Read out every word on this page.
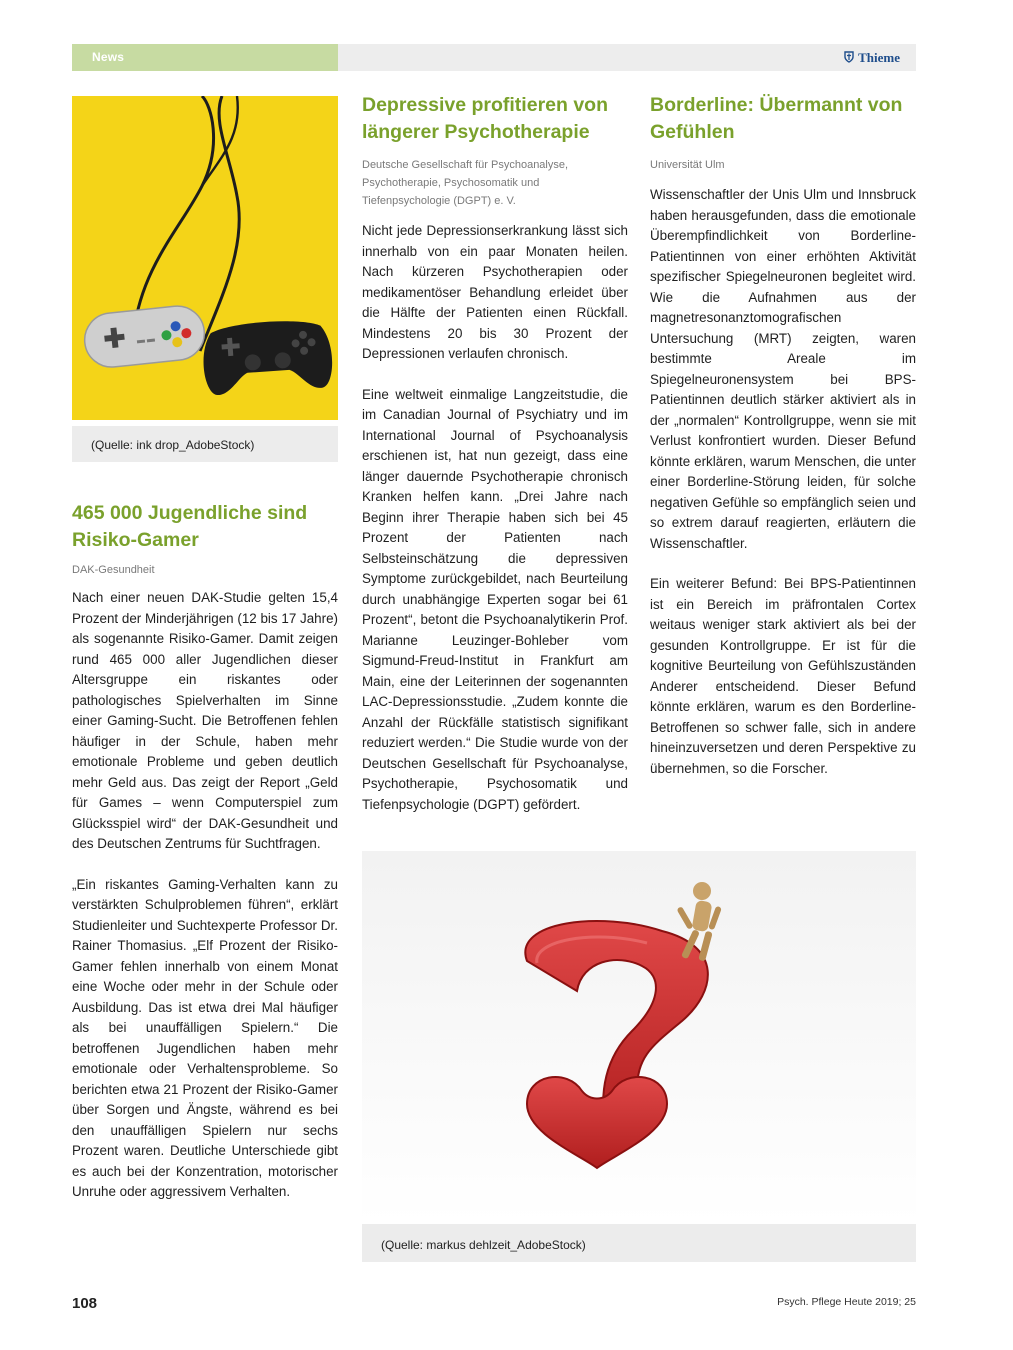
News	Thieme
(Quelle: ink drop_AdobeStock)
465 000 Jugendliche sind Risiko-Gamer
DAK-Gesundheit

Nach einer neuen DAK-Studie gelten 15,4 Prozent der Minderjährigen (12 bis 17 Jahre) als sogenannte Risiko-Gamer. Damit zeigen rund 465 000 aller Jugendlichen dieser Altersgruppe ein riskantes oder pathologisches Spielverhalten im Sinne einer Gaming-Sucht. Die Betroffenen fehlen häufiger in der Schule, haben mehr emotionale Probleme und geben deutlich mehr Geld aus. Das zeigt der Report „Geld für Games – wenn Computerspiel zum Glücksspiel wird“ der DAK-Gesundheit und des Deutschen Zentrums für Suchtfragen.

„Ein riskantes Gaming-Verhalten kann zu verstärkten Schulproblemen führen“, erklärt Studienleiter und Suchtexperte Professor Dr. Rainer Thomasius. „Elf Prozent der Risiko-Gamer fehlen innerhalb von einem Monat eine Woche oder mehr in der Schule oder Ausbildung. Das ist etwa drei Mal häufiger als bei unauffälligen Spielern.“ Die betroffenen Jugendlichen haben mehr emotionale oder Verhaltensprobleme. So berichten etwa 21 Prozent der Risiko-Gamer über Sorgen und Ängste, während es bei den unauffälligen Spielern nur sechs Prozent waren. Deutliche Unterschiede gibt es auch bei der Konzentration, motorischer Unruhe oder aggressivem Verhalten.

Depressive profitieren von längerer Psychotherapie
Deutsche Gesellschaft für Psychoanalyse, Psychotherapie, Psychosomatik und Tiefenpsychologie (DGPT) e. V.

Nicht jede Depressionserkrankung lässt sich innerhalb von ein paar Monaten heilen. Nach kürzeren Psychotherapien oder medikamentöser Behandlung erleidet über die Hälfte der Patienten einen Rückfall. Mindestens 20 bis 30 Prozent der Depressionen verlaufen chronisch.

Eine weltweit einmalige Langzeitstudie, die im Canadian Journal of Psychiatry und im International Journal of Psychoanalysis erschienen ist, hat nun gezeigt, dass eine länger dauernde Psychotherapie chronisch Kranken helfen kann. „Drei Jahre nach Beginn ihrer Therapie haben sich bei 45 Prozent der Patienten nach Selbsteinschätzung die depressiven Symptome zurückgebildet, nach Beurteilung durch unabhängige Experten sogar bei 61 Prozent“, betont die Psychoanalytikerin Prof. Marianne Leuzinger-Bohleber vom Sigmund-Freud-Institut in Frankfurt am Main, eine der Leiterinnen der sogenannten LAC-Depressionsstudie. „Zudem konnte die Anzahl der Rückfälle statistisch signifikant reduziert werden.“ Die Studie wurde von der Deutschen Gesellschaft für Psychoanalyse, Psychotherapie, Psychosomatik und Tiefenpsychologie (DGPT) gefördert.

Borderline: Übermannt von Gefühlen
Universität Ulm

Wissenschaftler der Unis Ulm und Innsbruck haben herausgefunden, dass die emotionale Überempfindlichkeit von Borderline-Patientinnen von einer erhöhten Aktivität spezifischer Spiegelneuronen begleitet wird. Wie die Aufnahmen aus der magnetresonanztomografischen Untersuchung (MRT) zeigten, waren bestimmte Areale im Spiegelneuronensystem bei BPS-Patientinnen deutlich stärker aktiviert als in der „normalen“ Kontrollgruppe, wenn sie mit Verlust konfrontiert wurden. Dieser Befund könnte erklären, warum Menschen, die unter einer Borderline-Störung leiden, für solche negativen Gefühle so empfänglich seien und so extrem darauf reagierten, erläutern die Wissenschaftler.

Ein weiterer Befund: Bei BPS-Patientinnen ist ein Bereich im präfrontalen Cortex weitaus weniger stark aktiviert als bei der gesunden Kontrollgruppe. Er ist für die kognitive Beurteilung von Gefühlszuständen Anderer entscheidend. Dieser Befund könnte erklären, warum es den Borderline-Betroffenen so schwer falle, sich in andere hineinzuversetzen und deren Perspektive zu übernehmen, so die Forscher.

(Quelle: markus dehlzeit_AdobeStock)
108	Psych. Pflege Heute 2019; 25
